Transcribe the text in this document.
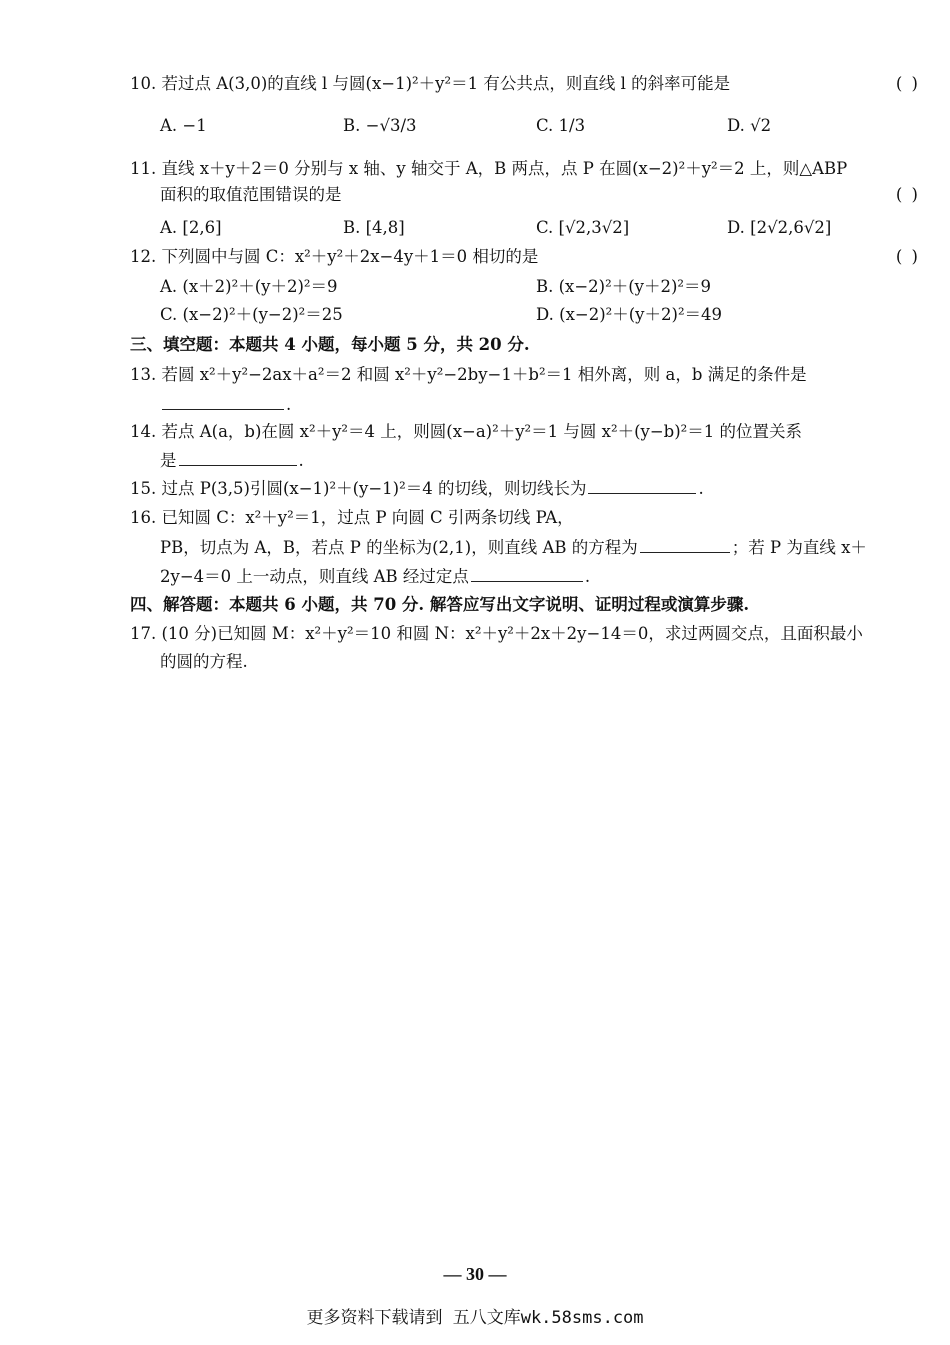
10. 若过点 A(3,0)的直线 l 与圆(x−1)²＋y²＝1 有公共点，则直线 l 的斜率可能是	( )
A. −1	B. −√3/3	C. 1/3	D. √2
11. 直线 x＋y＋2＝0 分别与 x 轴、y 轴交于 A，B 两点，点 P 在圆(x−2)²＋y²＝2 上，则△ABP
面积的取值范围错误的是	( )
A. [2,6]	B. [4,8]	C. [√2,3√2]	D. [2√2,6√2]
12. 下列圆中与圆 C：x²＋y²＋2x−4y＋1＝0 相切的是	( )
A. (x＋2)²＋(y＋2)²＝9	B. (x−2)²＋(y＋2)²＝9
C. (x−2)²＋(y−2)²＝25	D. (x−2)²＋(y＋2)²＝49
三、填空题：本题共 4 小题，每小题 5 分，共 20 分.
13. 若圆 x²＋y²−2ax＋a²＝2 和圆 x²＋y²−2by−1＋b²＝1 相外离，则 a，b 满足的条件是
.
14. 若点 A(a，b)在圆 x²＋y²＝4 上，则圆(x−a)²＋y²＝1 与圆 x²＋(y−b)²＝1 的位置关系
是	.
15. 过点 P(3,5)引圆(x−1)²＋(y−1)²＝4 的切线，则切线长为	.
16. 已知圆 C：x²＋y²＝1，过点 P 向圆 C 引两条切线 PA，
PB，切点为 A，B，若点 P 的坐标为(2,1)，则直线 AB 的方程为	；若 P 为直线 x＋
2y−4＝0 上一动点，则直线 AB 经过定点	.
四、解答题：本题共 6 小题，共 70 分. 解答应写出文字说明、证明过程或演算步骤.
17. (10 分)已知圆 M：x²＋y²＝10 和圆 N：x²＋y²＋2x＋2y−14＝0，求过两圆交点，且面积最小
的圆的方程.
— 30 —
更多资料下载请到 五八文库wk.58sms.com
